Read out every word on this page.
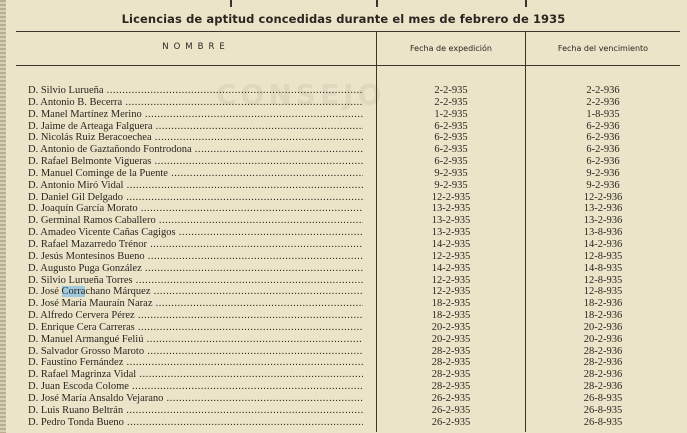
Licencias de aptitud concedidas durante el mes de febrero de 1935
NOMBRE	Fecha de expedición	Fecha del vencimiento
CONSEJO
D. Silvio Lurueña .....	2-2-935	2-2-936
D. Antonio B. Becerra .....	2-2-935	2-2-936
D. Manel Martínez Merino .....	1-2-935	1-8-935
D. Jaime de Arteaga Falguera .....	6-2-935	6-2-936
D. Nicolás Ruiz Beracoechea .....	6-2-935	6-2-936
D. Antonio de Gaztañondo Fontrodona .....	6-2-935	6-2-936
D. Rafael Belmonte Vigueras .....	6-2-935	6-2-936
D. Manuel Cominge de la Puente .....	9-2-935	9-2-936
D. Antonio Miró Vidal .....	9-2-935	9-2-936
D. Daniel Gil Delgado .....	12-2-935	12-2-936
D. Joaquín García Morato .....	13-2-935	13-2-936
D. Germinal Ramos Caballero .....	13-2-935	13-2-936
D. Amadeo Vicente Cañas Cagigos .....	13-2-935	13-8-936
D. Rafael Mazarredo Trénor .....	14-2-935	14-2-936
D. Jesús Montesinos Bueno .....	12-2-935	12-8-935
D. Augusto Puga González .....	14-2-935	14-8-935
D. Silvio Lurueña Torres .....	12-2-935	12-8-935
D. José Corrachano Márquez .....	12-2-935	12-8-935
D. José María Mauraín Naraz .....	18-2-935	18-2-936
D. Alfredo Cervera Pérez .....	18-2-935	18-2-936
D. Enrique Cera Carreras .....	20-2-935	20-2-936
D. Manuel Armangué Feliú .....	20-2-935	20-2-936
D. Salvador Grosso Maroto .....	28-2-935	28-2-936
D. Faustino Fernández .....	28-2-935	28-2-936
D. Rafael Magrinza Vidal .....	28-2-935	28-2-936
D. Juan Escoda Colome .....	28-2-935	28-2-936
D. José María Ansaldo Vejarano .....	26-2-935	26-8-935
D. Luis Ruano Beltrán .....	26-2-935	26-8-935
D. Pedro Tonda Bueno .....	26-2-935	26-8-935
